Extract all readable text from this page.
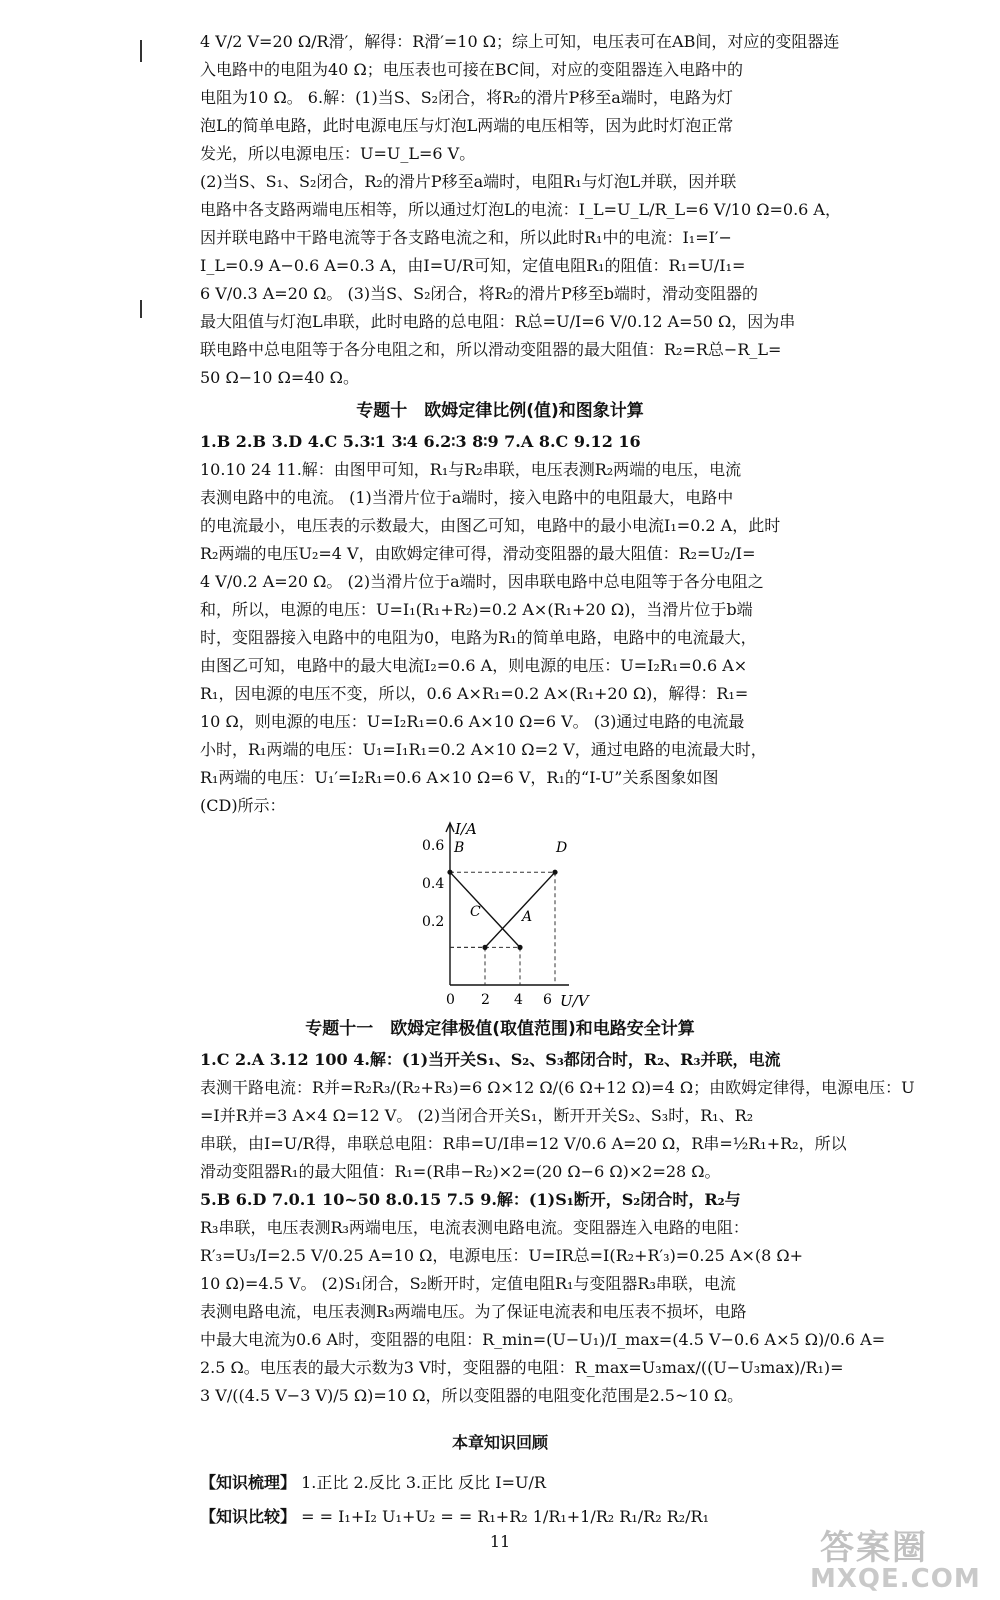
4 V/2 V=20 Ω/R滑′，解得：R滑′=10 Ω；综上可知，电压表可在AB间，对应的变阻器连

入电路中的电阻为40 Ω；电压表也可接在BC间，对应的变阻器连入电路中的

电阻为10 Ω。 6.解：(1)当S、S₂闭合，将R₂的滑片P移至a端时，电路为灯

泡L的简单电路，此时电源电压与灯泡L两端的电压相等，因为此时灯泡正常

发光，所以电源电压：U=U_L=6 V。

(2)当S、S₁、S₂闭合，R₂的滑片P移至a端时，电阻R₁与灯泡L并联，因并联

电路中各支路两端电压相等，所以通过灯泡L的电流：I_L=U_L/R_L=6 V/10 Ω=0.6 A，

因并联电路中干路电流等于各支路电流之和，所以此时R₁中的电流：I₁=I′−

I_L=0.9 A−0.6 A=0.3 A，由I=U/R可知，定值电阻R₁的阻值：R₁=U/I₁=

6 V/0.3 A=20 Ω。 (3)当S、S₂闭合，将R₂的滑片P移至b端时，滑动变阻器的

最大阻值与灯泡L串联，此时电路的总电阻：R总=U/I=6 V/0.12 A=50 Ω，因为串

联电路中总电阻等于各分电阻之和，所以滑动变阻器的最大阻值：R₂=R总−R_L=

50 Ω−10 Ω=40 Ω。

专题十　欧姆定律比例(值)和图象计算

1.B 2.B 3.D 4.C 5.3∶1 3∶4 6.2∶3 8∶9 7.A 8.C 9.12 16

10.10 24 11.解：由图甲可知，R₁与R₂串联，电压表测R₂两端的电压，电流

表测电路中的电流。 (1)当滑片位于a端时，接入电路中的电阻最大，电路中

的电流最小，电压表的示数最大，由图乙可知，电路中的最小电流I₁=0.2 A，此时

R₂两端的电压U₂=4 V，由欧姆定律可得，滑动变阻器的最大阻值：R₂=U₂/I=

4 V/0.2 A=20 Ω。 (2)当滑片位于a端时，因串联电路中总电阻等于各分电阻之

和，所以，电源的电压：U=I₁(R₁+R₂)=0.2 A×(R₁+20 Ω)，当滑片位于b端

时，变阻器接入电路中的电阻为0，电路为R₁的简单电路，电路中的电流最大，

由图乙可知，电路中的最大电流I₂=0.6 A，则电源的电压：U=I₂R₁=0.6 A×

R₁，因电源的电压不变，所以，0.6 A×R₁=0.2 A×(R₁+20 Ω)，解得：R₁=

10 Ω，则电源的电压：U=I₂R₁=0.6 A×10 Ω=6 V。 (3)通过电路的电流最

小时，R₁两端的电压：U₁=I₁R₁=0.2 A×10 Ω=2 V，通过电路的电流最大时，

R₁两端的电压：U₁′=I₂R₁=0.6 A×10 Ω=6 V，R₁的“I-U”关系图象如图

(CD)所示：

I/A
U/V
0.6
0.4
0.2
0 2 4 6
B	D
C	A
专题十一　欧姆定律极值(取值范围)和电路安全计算

1.C 2.A 3.12 100 4.解：(1)当开关S₁、S₂、S₃都闭合时，R₂、R₃并联，电流

表测干路电流：R并=R₂R₃/(R₂+R₃)=6 Ω×12 Ω/(6 Ω+12 Ω)=4 Ω；由欧姆定律得，电源电压：U

=I并R并=3 A×4 Ω=12 V。 (2)当闭合开关S₁，断开开关S₂、S₃时，R₁、R₂

串联，由I=U/R得，串联总电阻：R串=U/I串=12 V/0.6 A=20 Ω，R串=½R₁+R₂，所以

滑动变阻器R₁的最大阻值：R₁=(R串−R₂)×2=(20 Ω−6 Ω)×2=28 Ω。

5.B 6.D 7.0.1 10~50 8.0.15 7.5 9.解：(1)S₁断开，S₂闭合时，R₂与

R₃串联，电压表测R₃两端电压，电流表测电路电流。变阻器连入电路的电阻：

R′₃=U₃/I=2.5 V/0.25 A=10 Ω，电源电压：U=IR总=I(R₂+R′₃)=0.25 A×(8 Ω+

10 Ω)=4.5 V。 (2)S₁闭合，S₂断开时，定值电阻R₁与变阻器R₃串联，电流

表测电路电流，电压表测R₃两端电压。为了保证电流表和电压表不损坏，电路

中最大电流为0.6 A时，变阻器的电阻：R_min=(U−U₁)/I_max=(4.5 V−0.6 A×5 Ω)/0.6 A=

2.5 Ω。电压表的最大示数为3 V时，变阻器的电阻：R_max=U₃max/((U−U₃max)/R₁)=

3 V/((4.5 V−3 V)/5 Ω)=10 Ω，所以变阻器的电阻变化范围是2.5~10 Ω。

本章知识回顾
【知识梳理】 1.正比 2.反比 3.正比 反比 I=U/R
【知识比较】 = = I₁+I₂ U₁+U₂ = = R₁+R₂ 1/R₁+1/R₂ R₁/R₂ R₂/R₁
11	答案圈
MXQE.COM
